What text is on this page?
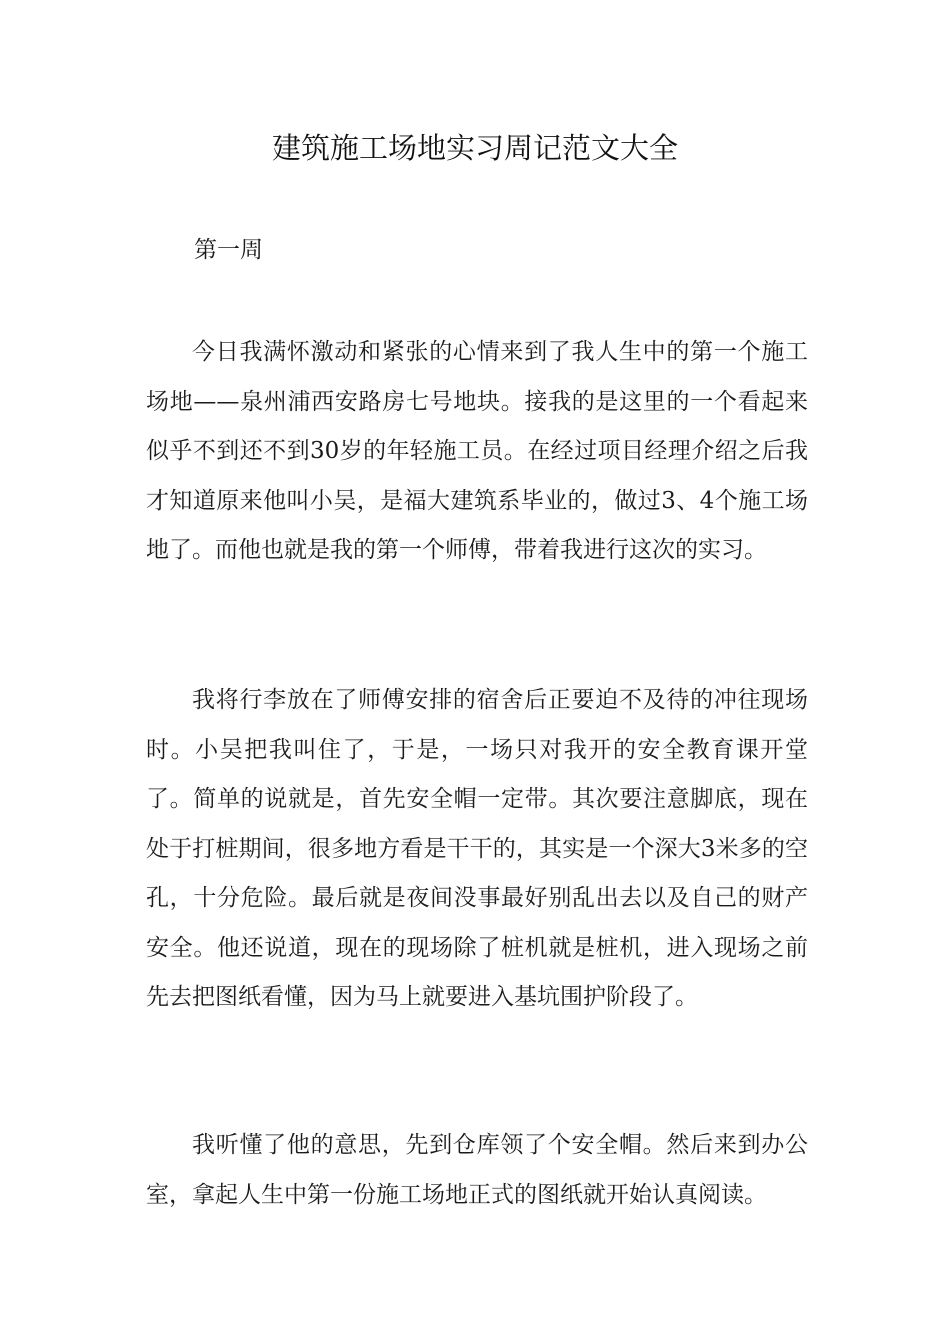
建筑施工场地实习周记范文大全

第一周

今日我满怀激动和紧张的心情来到了我人生中的第一个施工场地——泉州浦西安路房七号地块。接我的是这里的一个看起来似乎不到还不到30岁的年轻施工员。在经过项目经理介绍之后我才知道原来他叫小吴，是福大建筑系毕业的，做过3、4个施工场地了。而他也就是我的第一个师傅，带着我进行这次的实习。

我将行李放在了师傅安排的宿舍后正要迫不及待的冲往现场时。小吴把我叫住了，于是，一场只对我开的安全教育课开堂了。简单的说就是，首先安全帽一定带。其次要注意脚底，现在处于打桩期间，很多地方看是干干的，其实是一个深大3米多的空孔，十分危险。最后就是夜间没事最好别乱出去以及自己的财产安全。他还说道，现在的现场除了桩机就是桩机，进入现场之前先去把图纸看懂，因为马上就要进入基坑围护阶段了。

我听懂了他的意思，先到仓库领了个安全帽。然后来到办公室，拿起人生中第一份施工场地正式的图纸就开始认真阅读。
